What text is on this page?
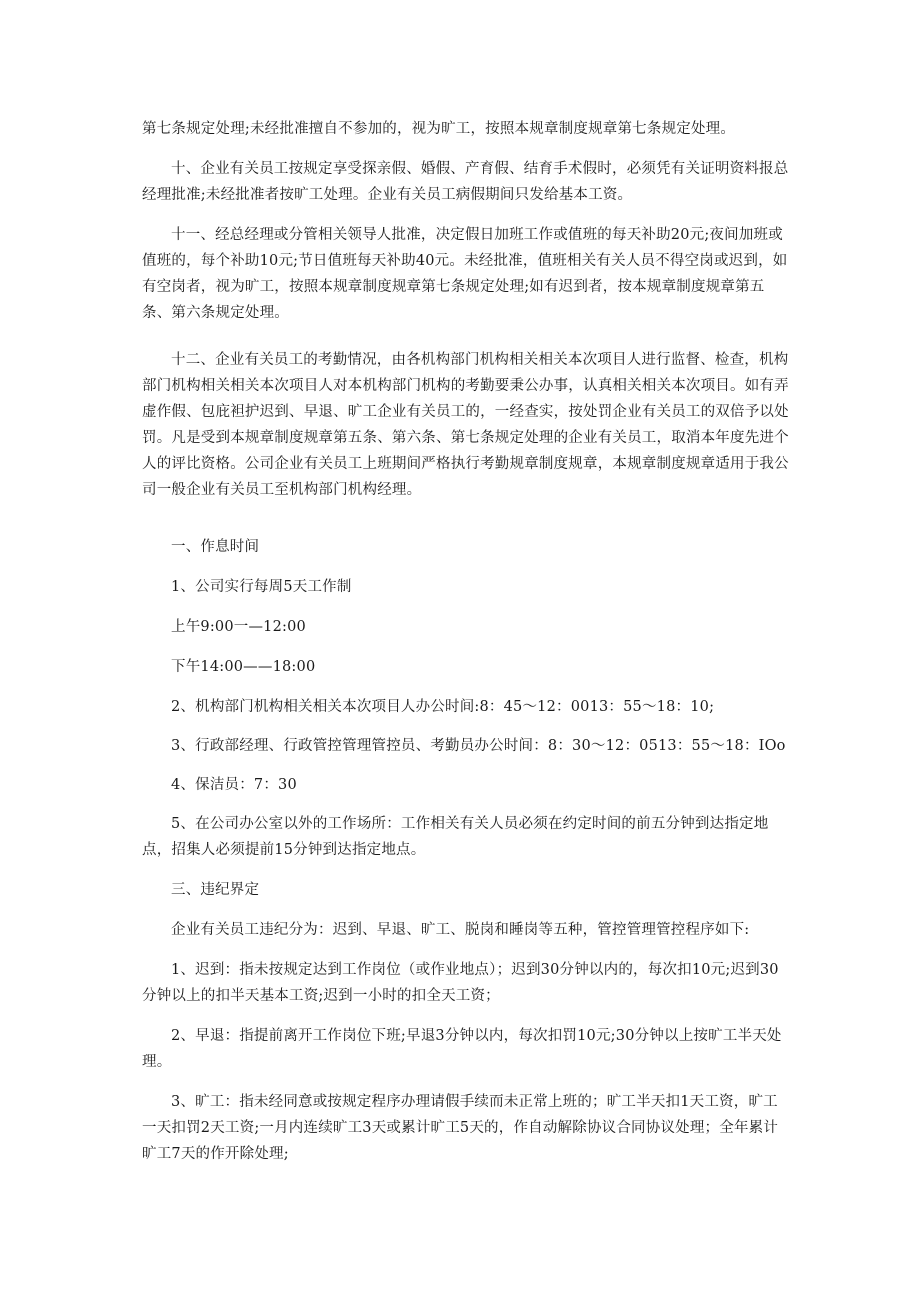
第七条规定处理;未经批准擅自不参加的，视为旷工，按照本规章制度规章第七条规定处理。

十、企业有关员工按规定享受探亲假、婚假、产育假、结育手术假时，必须凭有关证明资料报总经理批准;未经批准者按旷工处理。企业有关员工病假期间只发给基本工资。

十一、经总经理或分管相关领导人批准，决定假日加班工作或值班的每天补助20元;夜间加班或值班的，每个补助10元;节日值班每天补助40元。未经批准，值班相关有关人员不得空岗或迟到，如有空岗者，视为旷工，按照本规章制度规章第七条规定处理;如有迟到者，按本规章制度规章第五条、第六条规定处理。

十二、企业有关员工的考勤情况，由各机构部门机构相关相关本次项目人进行监督、检查，机构部门机构相关相关本次项目人对本机构部门机构的考勤要秉公办事，认真相关相关本次项目。如有弄虚作假、包庇袒护迟到、早退、旷工企业有关员工的，一经查实，按处罚企业有关员工的双倍予以处罚。凡是受到本规章制度规章第五条、第六条、第七条规定处理的企业有关员工，取消本年度先进个人的评比资格。公司企业有关员工上班期间严格执行考勤规章制度规章，本规章制度规章适用于我公司一般企业有关员工至机构部门机构经理。

一、作息时间

1、公司实行每周5天工作制

上午9:00一—12:00

下午14:00——18:00

2、机构部门机构相关相关本次项目人办公时间:8：45～12：0013：55～18：10;

3、行政部经理、行政管控管理管控员、考勤员办公时间：8：30～12：0513：55～18：IOo

4、保洁员：7：30

5、在公司办公室以外的工作场所：工作相关有关人员必须在约定时间的前五分钟到达指定地点，招集人必须提前15分钟到达指定地点。

三、违纪界定

企业有关员工违纪分为：迟到、早退、旷工、脱岗和睡岗等五种，管控管理管控程序如下:

1、迟到：指未按规定达到工作岗位（或作业地点）；迟到30分钟以内的，每次扣10元;迟到30分钟以上的扣半天基本工资;迟到一小时的扣全天工资；

2、早退：指提前离开工作岗位下班;早退3分钟以内，每次扣罚10元;30分钟以上按旷工半天处理。

3、旷工：指未经同意或按规定程序办理请假手续而未正常上班的；旷工半天扣1天工资，旷工一天扣罚2天工资;一月内连续旷工3天或累计旷工5天的，作自动解除协议合同协议处理；全年累计旷工7天的作开除处理;
